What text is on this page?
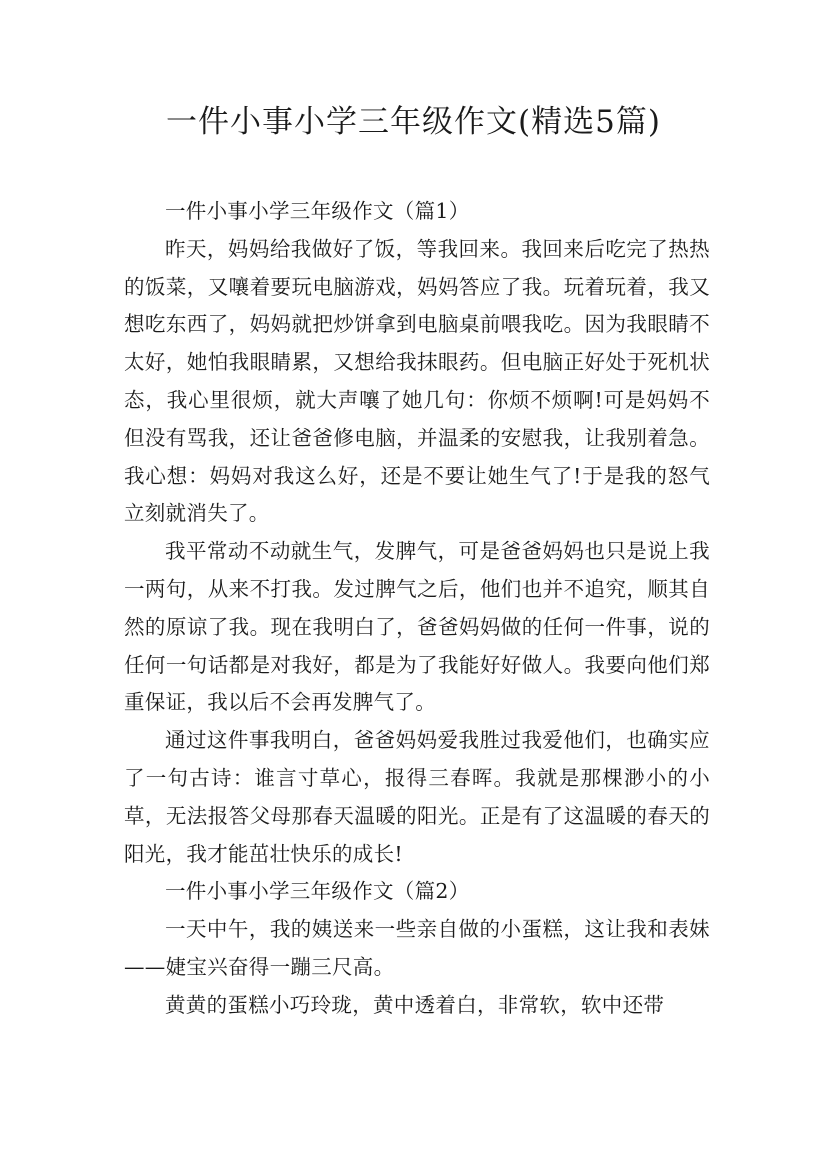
一件小事小学三年级作文(精选5篇)

一件小事小学三年级作文（篇1）

昨天，妈妈给我做好了饭，等我回来。我回来后吃完了热热的饭菜，又嚷着要玩电脑游戏，妈妈答应了我。玩着玩着，我又想吃东西了，妈妈就把炒饼拿到电脑桌前喂我吃。因为我眼睛不太好，她怕我眼睛累，又想给我抹眼药。但电脑正好处于死机状态，我心里很烦，就大声嚷了她几句：你烦不烦啊!可是妈妈不但没有骂我，还让爸爸修电脑，并温柔的安慰我，让我别着急。我心想：妈妈对我这么好，还是不要让她生气了!于是我的怒气立刻就消失了。

我平常动不动就生气，发脾气，可是爸爸妈妈也只是说上我一两句，从来不打我。发过脾气之后，他们也并不追究，顺其自然的原谅了我。现在我明白了，爸爸妈妈做的任何一件事，说的任何一句话都是对我好，都是为了我能好好做人。我要向他们郑重保证，我以后不会再发脾气了。

通过这件事我明白，爸爸妈妈爱我胜过我爱他们，也确实应了一句古诗：谁言寸草心，报得三春晖。我就是那棵渺小的小草，无法报答父母那春天温暖的阳光。正是有了这温暖的春天的阳光，我才能茁壮快乐的成长!

一件小事小学三年级作文（篇2）

一天中午，我的姨送来一些亲自做的小蛋糕，这让我和表妹——婕宝兴奋得一蹦三尺高。

黄黄的蛋糕小巧玲珑，黄中透着白，非常软，软中还带
